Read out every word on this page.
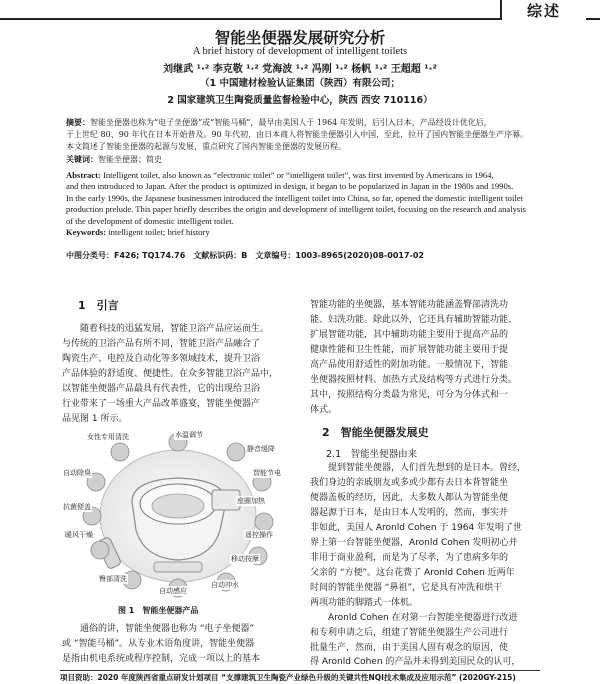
综述
智能坐便器发展研究分析
A brief history of development of intelligent toilets
刘继武 ¹·² 李克敬 ¹·² 党海波 ¹·² 冯刚 ¹·² 杨帆 ¹·² 王超超 ¹·²
（1 中国建材检验认证集团（陕西）有限公司；
2 国家建筑卫生陶瓷质量监督检验中心，陕西 西安 710116）
摘要：智能坐便器也称为“电子坐便器”或“智能马桶”，最早由美国人于 1964 年发明，后引入日本，产品经设计优化后，
于上世纪 80、90 年代在日本开始普及。90 年代初，由日本商人将智能坐便器引入中国，至此，拉开了国内智能坐便器生产序幕。
本文简述了智能坐便器的起源与发展，重点研究了国内智能坐便器的发展历程。
关键词：智能坐便器；简史
Abstract: Intelligent toilet, also known as “electronic toilet” or “intelligent toilet”, was first invented by Americans in 1964,
and then introduced to Japan. After the product is optimized in design, it began to be popularized in Japan in the 1980s and 1990s.
In the early 1990s, the Japanese businessmen introduced the intelligent toilet into China, so far, opened the domestic intelligent toilet
production prelude. This paper briefly describes the origin and development of intelligent toilet, focusing on the research and analysis
of the development of domestic intelligent toilet.
Keywords: intelligent toilet; brief history
中图分类号：F426; TQ174.76　文献标识码：B　文章编号：1003-8965(2020)08-0017-02
1　引言
随着科技的迅猛发展，智能卫浴产品应运而生。
与传统的卫浴产品有所不同，智能卫浴产品融合了
陶瓷生产、电控及自动化等多领域技术，提升卫浴
产品体验的舒适度、便捷性。在众多智能卫浴产品中，
以智能坐便器产品最具有代表性，它的出现给卫浴
行业带来了一场重大产品改革盛宴，智能坐便器产
品见图 1 所示。
女性专用清洗	水温调节
静音缓降
自动除臭	智能节电
抗菌便盖
座圈加热
暖风干燥	遥控操作
移动按摩
臀部清洗
自动感应
自动冲水
图 1　智能坐便器产品
通俗的讲，智能坐便器也称为 “电子坐便器”
或 “智能马桶”。从专业术语角度讲，智能坐便器
是指由机电系统或程序控制，完成一项以上的基本
智能功能的坐便器，基本智能功能涵盖臀部清洗功
能、妇洗功能。除此以外，它还具有辅助智能功能、
扩展智能功能，其中辅助功能主要用于提高产品的
健康性能和卫生性能，而扩展智能功能主要用于提
高产品使用舒适性的附加功能。一般情况下，智能
坐便器按照材料、加热方式及结构等方式进行分类。
其中，按照结构分类最为常见，可分为分体式和一
体式。
2　智能坐便器发展史
2.1　智能坐便器由来
提到智能坐便器，人们首先想到的是日本。曾经，
我们身边的亲戚朋友或多或少都有去日本背智能坐
便器盖板的经历，因此，大多数人都认为智能坐便
器起源于日本，是由日本人发明的，然而，事实并
非如此，美国人 Aronld Cohen 于 1964 年发明了世
界上第一台智能坐便器，Aronld Cohen 发明初心并
非用于商业盈利，而是为了尽孝，为了患病多年的
父亲的 “方便”。这台花费了 Aronld Cohen 近两年
时间的智能坐便器 “鼻祖”，它是具有冲洗和烘干
两项功能的脚踏式一体机。
Aronld Cohen 在对第一台智能坐便器进行改进
和专利申请之后，组建了智能坐便器生产公司进行
批量生产，然而，由于美国人固有观念的原因，使
得 Aronld Cohen 的产品并未得到美国民众的认可，
项目资助：2020 年度陕西省重点研发计划项目 “支撑建筑卫生陶瓷产业绿色升级的关键共性NQI技术集成及应用示范” (2020GY-215)
